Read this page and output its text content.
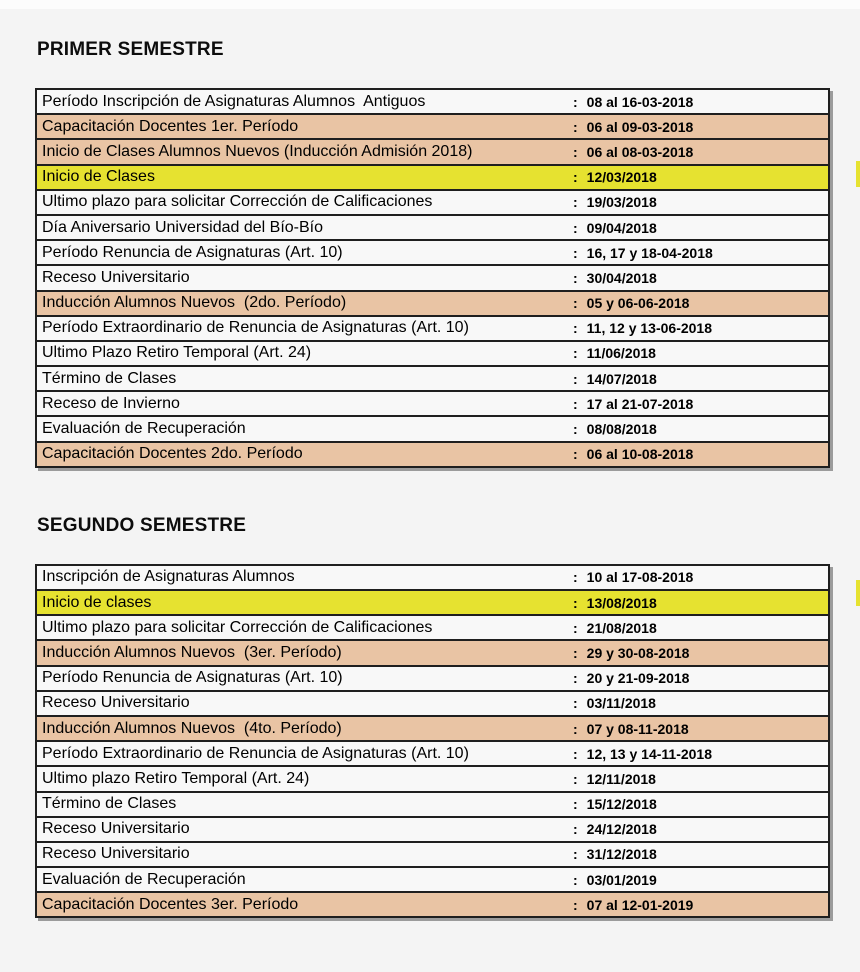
PRIMER SEMESTRE
Período Inscripción de Asignaturas Alumnos  Antiguos	: 08 al 16-03-2018
Capacitación Docentes 1er. Período	: 06 al 09-03-2018
Inicio de Clases Alumnos Nuevos (Inducción Admisión 2018)	: 06 al 08-03-2018
Inicio de Clases	: 12/03/2018
Ultimo plazo para solicitar Corrección de Calificaciones	: 19/03/2018
Día Aniversario Universidad del Bío-Bío	: 09/04/2018
Período Renuncia de Asignaturas (Art. 10)	: 16, 17 y 18-04-2018
Receso Universitario	: 30/04/2018
Inducción Alumnos Nuevos  (2do. Período)	: 05 y 06-06-2018
Período Extraordinario de Renuncia de Asignaturas (Art. 10)	: 11, 12 y 13-06-2018
Ultimo Plazo Retiro Temporal (Art. 24)	: 11/06/2018
Término de Clases	: 14/07/2018
Receso de Invierno	: 17 al 21-07-2018
Evaluación de Recuperación	: 08/08/2018
Capacitación Docentes 2do. Período	: 06 al 10-08-2018
SEGUNDO SEMESTRE
Inscripción de Asignaturas Alumnos	: 10 al 17-08-2018
Inicio de clases	: 13/08/2018
Ultimo plazo para solicitar Corrección de Calificaciones	: 21/08/2018
Inducción Alumnos Nuevos  (3er. Período)	: 29 y 30-08-2018
Período Renuncia de Asignaturas (Art. 10)	: 20 y 21-09-2018
Receso Universitario	: 03/11/2018
Inducción Alumnos Nuevos  (4to. Período)	: 07 y 08-11-2018
Período Extraordinario de Renuncia de Asignaturas (Art. 10)	: 12, 13 y 14-11-2018
Ultimo plazo Retiro Temporal (Art. 24)	: 12/11/2018
Término de Clases	: 15/12/2018
Receso Universitario	: 24/12/2018
Receso Universitario	: 31/12/2018
Evaluación de Recuperación	: 03/01/2019
Capacitación Docentes 3er. Período	: 07 al 12-01-2019
